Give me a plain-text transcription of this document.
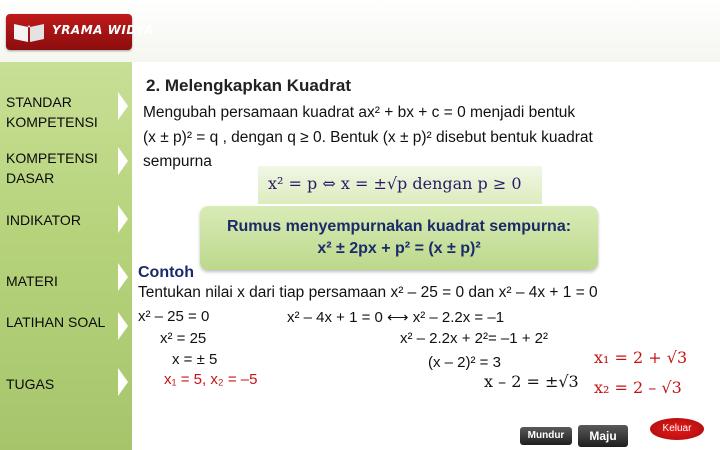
YRAMA WIDYA
STANDAR KOMPETENSI
KOMPETENSI DASAR
INDIKATOR
MATERI
LATIHAN SOAL
TUGAS
2. Melengkapkan Kuadrat
Mengubah persamaan kuadrat ax² + bx + c = 0 menjadi bentuk
(x ± p)² = q , dengan q ≥ 0. Bentuk (x ± p)² disebut bentuk kuadrat
sempurna
x² = p ⇔ x = ±√p dengan p ≥ 0
Rumus menyempurnakan kuadrat sempurna:
x² ± 2px + p² = (x ± p)²
Contoh
Tentukan nilai x dari tiap persamaan x² – 25 = 0 dan x² – 4x + 1 = 0
x² – 25 = 0
x² = 25
x = ± 5
x₁ = 5, x₂ = –5
x² – 4x + 1 = 0 ⟷ x² – 2.2x = –1
x² – 2.2x + 2²= –1 + 2²
(x – 2)² = 3
x – 2 = ±√3
x₁ = 2 + √3
x₂ = 2 – √3
Mundur	Maju
Keluar
